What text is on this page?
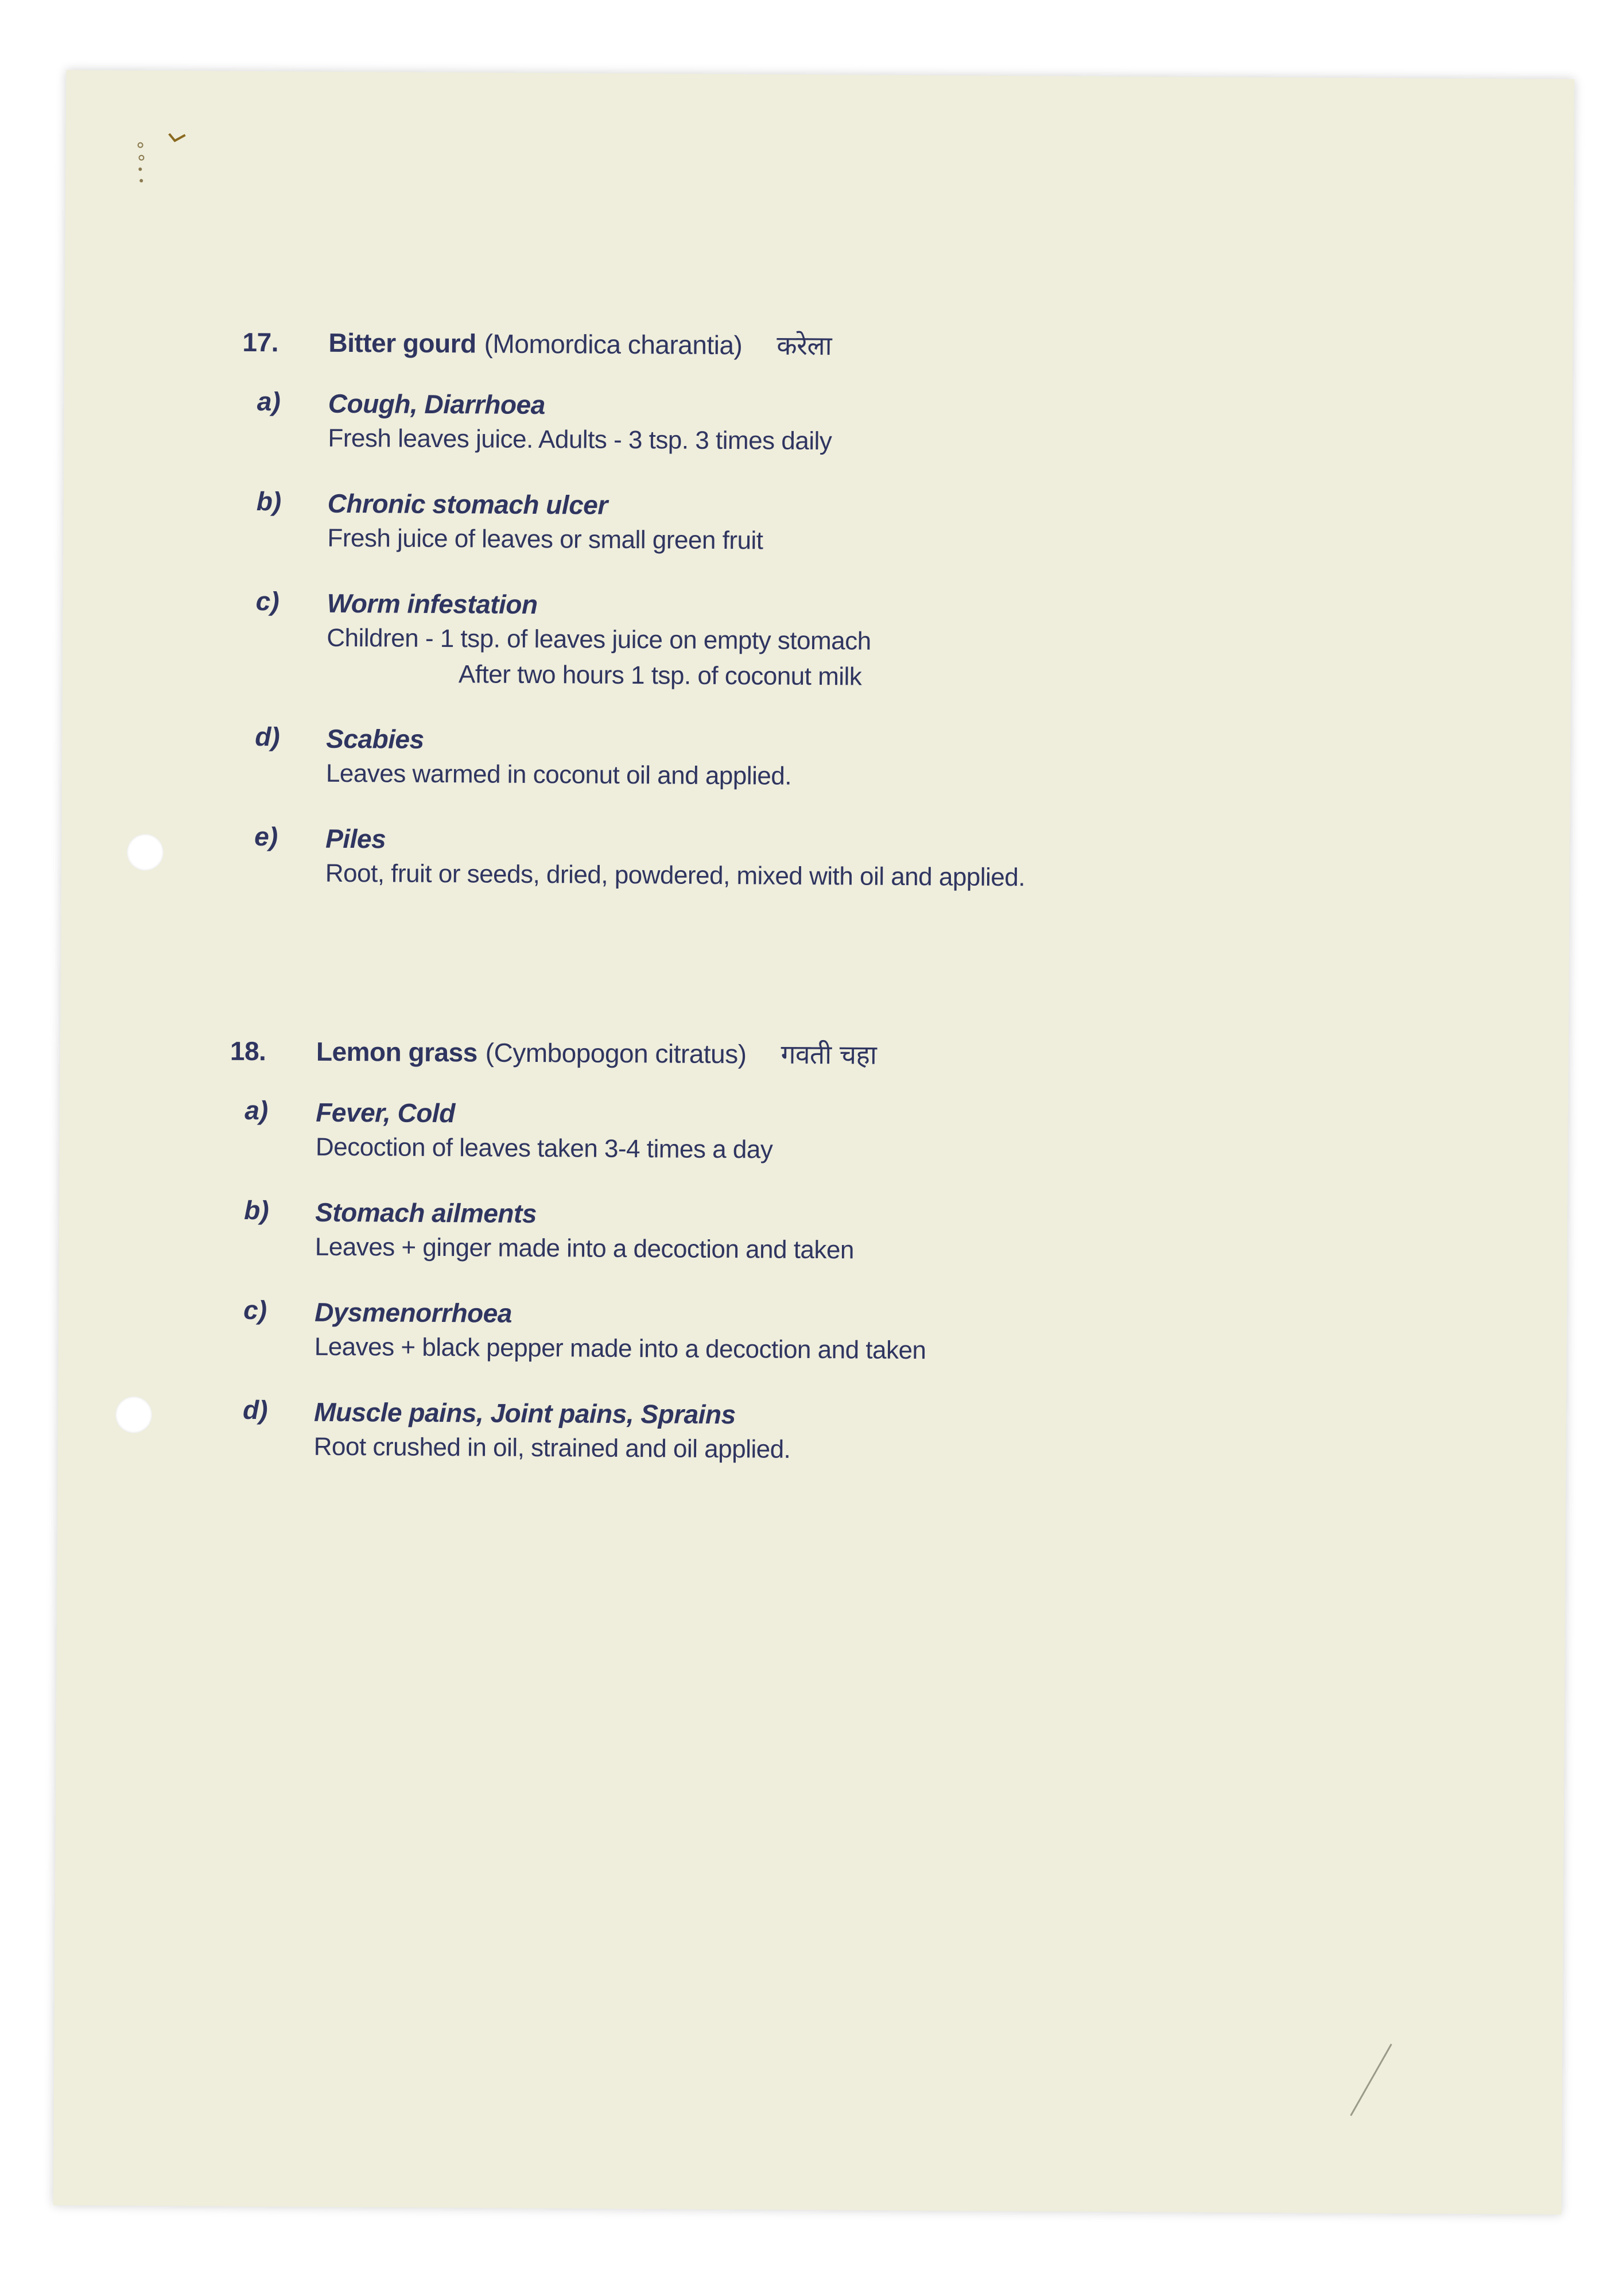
17.	Bitter gourd (Momordica charantia) करेला
a)	Cough, Diarrhoea
Fresh leaves juice. Adults - 3 tsp. 3 times daily
b)	Chronic stomach ulcer
Fresh juice of leaves or small green fruit
c)	Worm infestation
Children - 1 tsp. of leaves juice on empty stomach
After two hours 1 tsp. of coconut milk
d)	Scabies
Leaves warmed in coconut oil and applied.
e)	Piles
Root, fruit or seeds, dried, powdered, mixed with oil and applied.
18.	Lemon grass (Cymbopogon citratus) गवती चहा
a)	Fever, Cold
Decoction of leaves taken 3-4 times a day
b)	Stomach ailments
Leaves + ginger made into a decoction and taken
c)	Dysmenorrhoea
Leaves + black pepper made into a decoction and taken
d)	Muscle pains, Joint pains, Sprains
Root crushed in oil, strained and oil applied.
